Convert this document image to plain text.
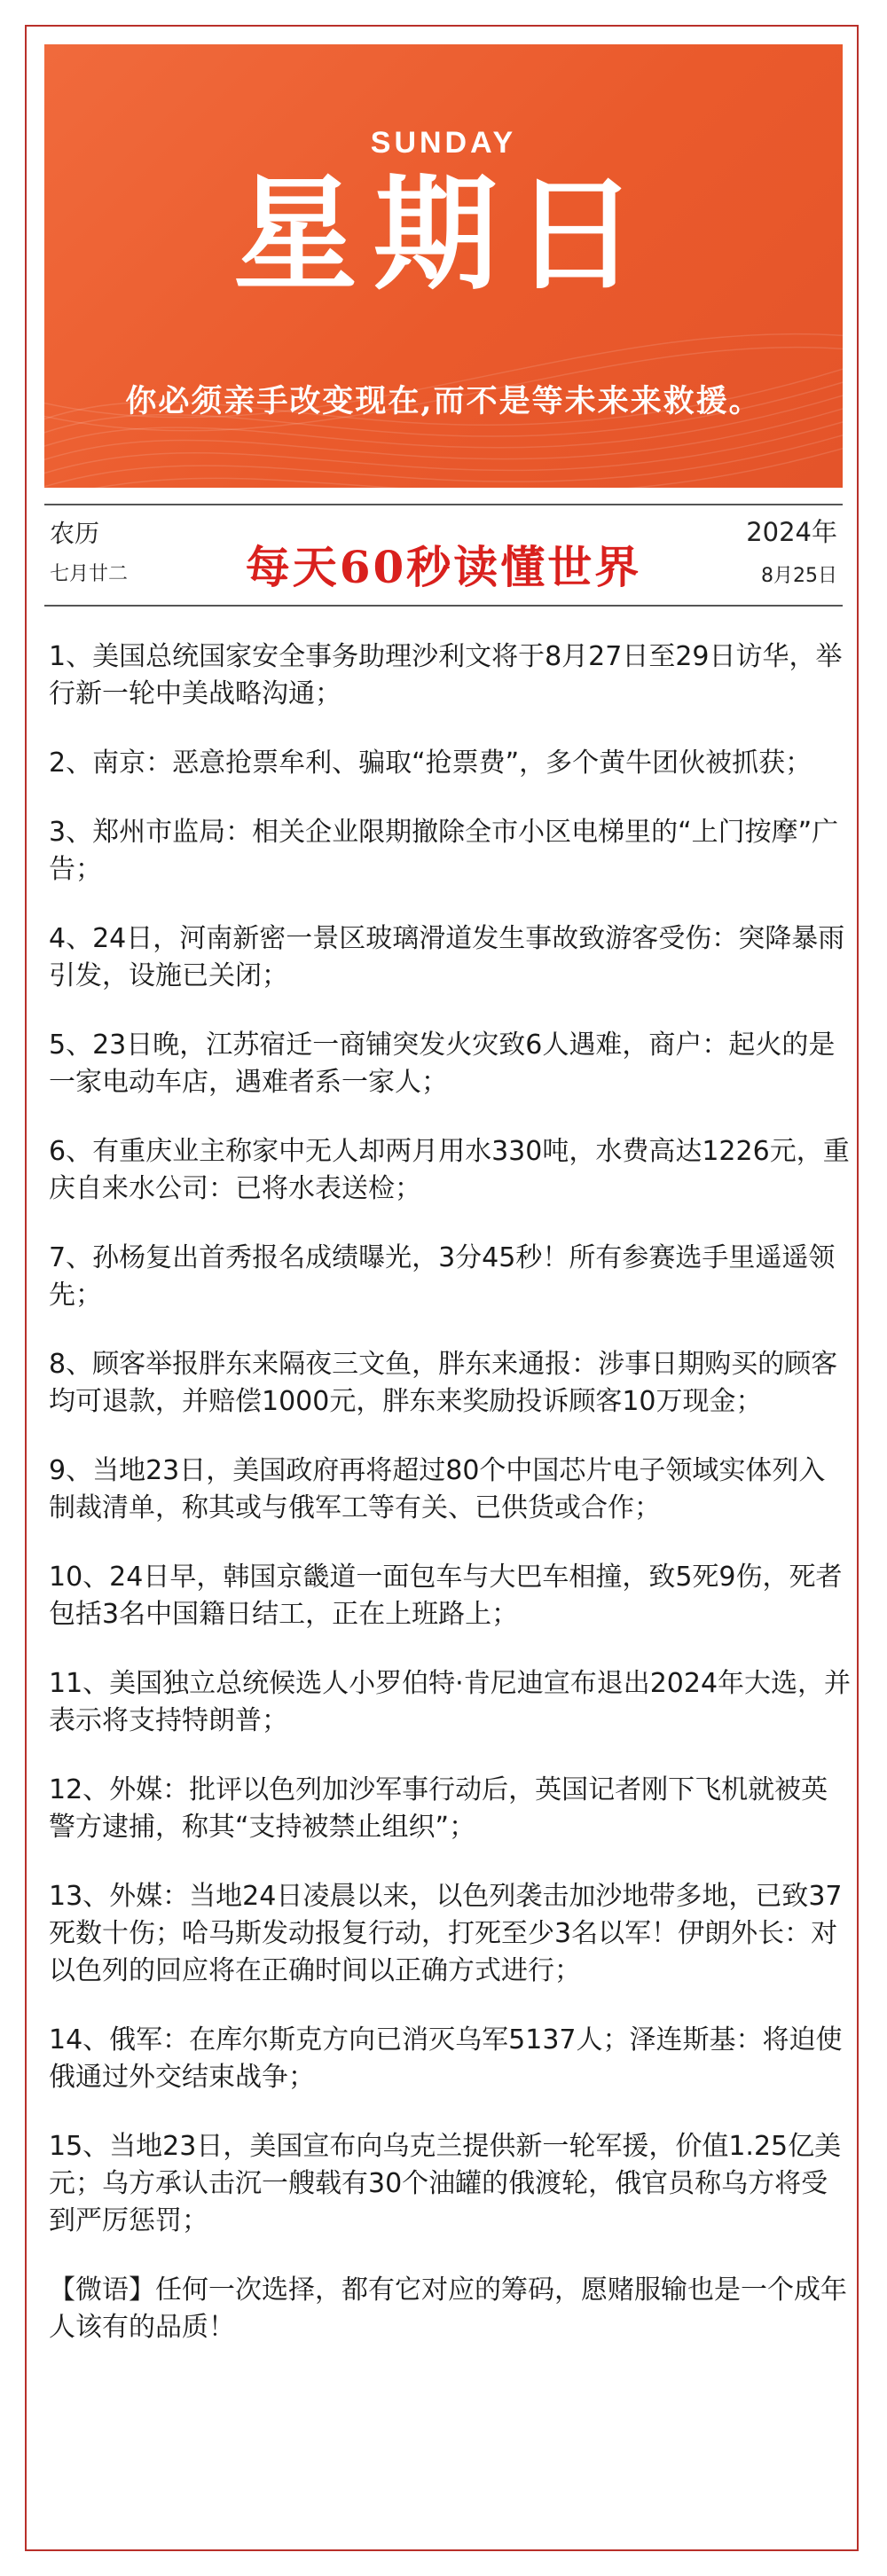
SUNDAY
星期日
你必须亲手改变现在,而不是等未来来救援。
农历
七月廿二	每天60秒读懂世界
2024年
8月25日

1、美国总统国家安全事务助理沙利文将于8月27日至29日访华，举行新一轮中美战略沟通；

2、南京：恶意抢票牟利、骗取“抢票费”，多个黄牛团伙被抓获；

3、郑州市监局：相关企业限期撤除全市小区电梯里的“上门按摩”广告；

4、24日，河南新密一景区玻璃滑道发生事故致游客受伤：突降暴雨引发，设施已关闭；

5、23日晚，江苏宿迁一商铺突发火灾致6人遇难，商户：起火的是一家电动车店，遇难者系一家人；

6、有重庆业主称家中无人却两月用水330吨，水费高达1226元，重庆自来水公司：已将水表送检；

7、孙杨复出首秀报名成绩曝光，3分45秒！所有参赛选手里遥遥领先；

8、顾客举报胖东来隔夜三文鱼，胖东来通报：涉事日期购买的顾客均可退款，并赔偿1000元，胖东来奖励投诉顾客10万现金；

9、当地23日，美国政府再将超过80个中国芯片电子领域实体列入制裁清单，称其或与俄军工等有关、已供货或合作；

10、24日早，韩国京畿道一面包车与大巴车相撞，致5死9伤，死者包括3名中国籍日结工，正在上班路上；

11、美国独立总统候选人小罗伯特·肯尼迪宣布退出2024年大选，并表示将支持特朗普；

12、外媒：批评以色列加沙军事行动后，英国记者刚下飞机就被英警方逮捕，称其“支持被禁止组织”；

13、外媒：当地24日凌晨以来，以色列袭击加沙地带多地，已致37死数十伤；哈马斯发动报复行动，打死至少3名以军！伊朗外长：对以色列的回应将在正确时间以正确方式进行；

14、俄军：在库尔斯克方向已消灭乌军5137人；泽连斯基：将迫使俄通过外交结束战争；

15、当地23日，美国宣布向乌克兰提供新一轮军援，价值1.25亿美元；乌方承认击沉一艘载有30个油罐的俄渡轮，俄官员称乌方将受到严厉惩罚；

【微语】任何一次选择，都有它对应的筹码，愿赌服输也是一个成年人该有的品质！
